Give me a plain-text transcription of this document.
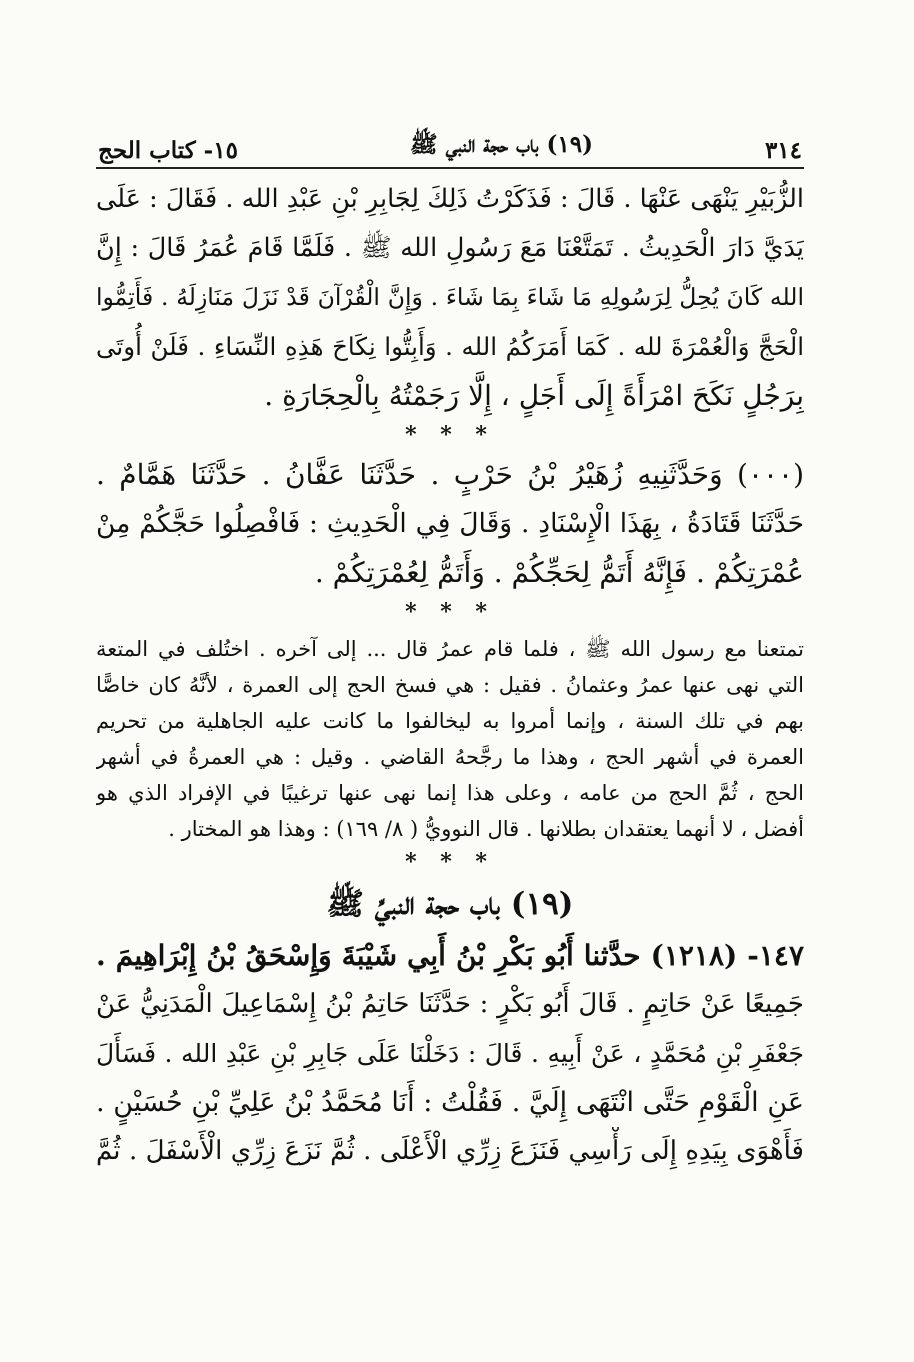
٣١٤
(١٩) باب حجة النبي ﷺ
١٥- كتاب الحج
الزُّبَيْرِ يَنْهَى عَنْهَا . قَالَ : فَذَكَرْتُ ذَلِكَ لِجَابِرِ بْنِ عَبْدِ الله . فَقَالَ : عَلَى
يَدَيَّ دَارَ الْحَدِيثُ . تَمَتَّعْنَا مَعَ رَسُولِ الله ﷺ . فَلَمَّا قَامَ عُمَرُ قَالَ : إِنَّ
الله كَانَ يُحِلُّ لِرَسُولِهِ مَا شَاءَ بِمَا شَاءَ . وَإِنَّ الْقُرْآنَ قَدْ نَزَلَ مَنَازِلَهُ . فَأَتِمُّوا
الْحَجَّ وَالْعُمْرَةَ لله . كَمَا أَمَرَكُمُ الله . وَأَبِتُّوا نِكَاحَ هَذِهِ النِّسَاءِ . فَلَنْ أُوتَى
بِرَجُلٍ نَكَحَ امْرَأَةً إِلَى أَجَلٍ ، إِلَّا رَجَمْتُهُ بِالْحِجَارَةِ .
* * *
(٠٠٠) وَحَدَّثَنِيهِ زُهَيْرُ بْنُ حَرْبٍ . حَدَّثَنَا عَفَّانُ . حَدَّثَنَا هَمَّامٌ .
حَدَّثَنَا قَتَادَةُ ، بِهَذَا الْإِسْنَادِ . وَقَالَ فِي الْحَدِيثِ : فَافْصِلُوا حَجَّكُمْ مِنْ
عُمْرَتِكُمْ . فَإِنَّهُ أَتَمُّ لِحَجِّكُمْ . وَأَتَمُّ لِعُمْرَتِكُمْ .
* * *
تمتعنا مع رسول الله ﷺ ، فلما قام عمرُ قال ... إلى آخره . اختُلف في المتعة
التي نهى عنها عمرُ وعثمانُ . فقيل : هي فسخ الحج إلى العمرة ، لأنَّهُ كان خاصًّا
بهم في تلك السنة ، وإنما أمروا به ليخالفوا ما كانت عليه الجاهلية من تحريم
العمرة في أشهر الحج ، وهذا ما رجَّحهُ القاضي . وقيل : هي العمرةُ في أشهر
الحج ، ثُمَّ الحج من عامه ، وعلى هذا إنما نهى عنها ترغيبًا في الإفراد الذي هو
أفضل ، لا أنهما يعتقدان بطلانها . قال النوويُّ ( ٨/ ١٦٩) : وهذا هو المختار .
* * *
(١٩) باب حجة النبيِّ ﷺ
١٤٧- (١٢١٨) حدَّثنا أَبُو بَكْرِ بْنُ أَبِي شَيْبَةَ وَإِسْحَقُ بْنُ إِبْرَاهِيمَ .
جَمِيعًا عَنْ حَاتِمٍ . قَالَ أَبُو بَكْرٍ : حَدَّثَنَا حَاتِمُ بْنُ إِسْمَاعِيلَ الْمَدَنِيُّ عَنْ
جَعْفَرِ بْنِ مُحَمَّدٍ ، عَنْ أَبِيهِ . قَالَ : دَخَلْنَا عَلَى جَابِرِ بْنِ عَبْدِ الله . فَسَأَلَ
عَنِ الْقَوْمِ حَتَّى انْتَهَى إِلَيَّ . فَقُلْتُ : أَنَا مُحَمَّدُ بْنُ عَلِيِّ بْنِ حُسَيْنٍ .
فَأَهْوَى بِيَدِهِ إِلَى رَأْسِي فَنَزَعَ زِرِّي الْأَعْلَى . ثُمَّ نَزَعَ زِرِّي الْأَسْفَلَ . ثُمَّ
